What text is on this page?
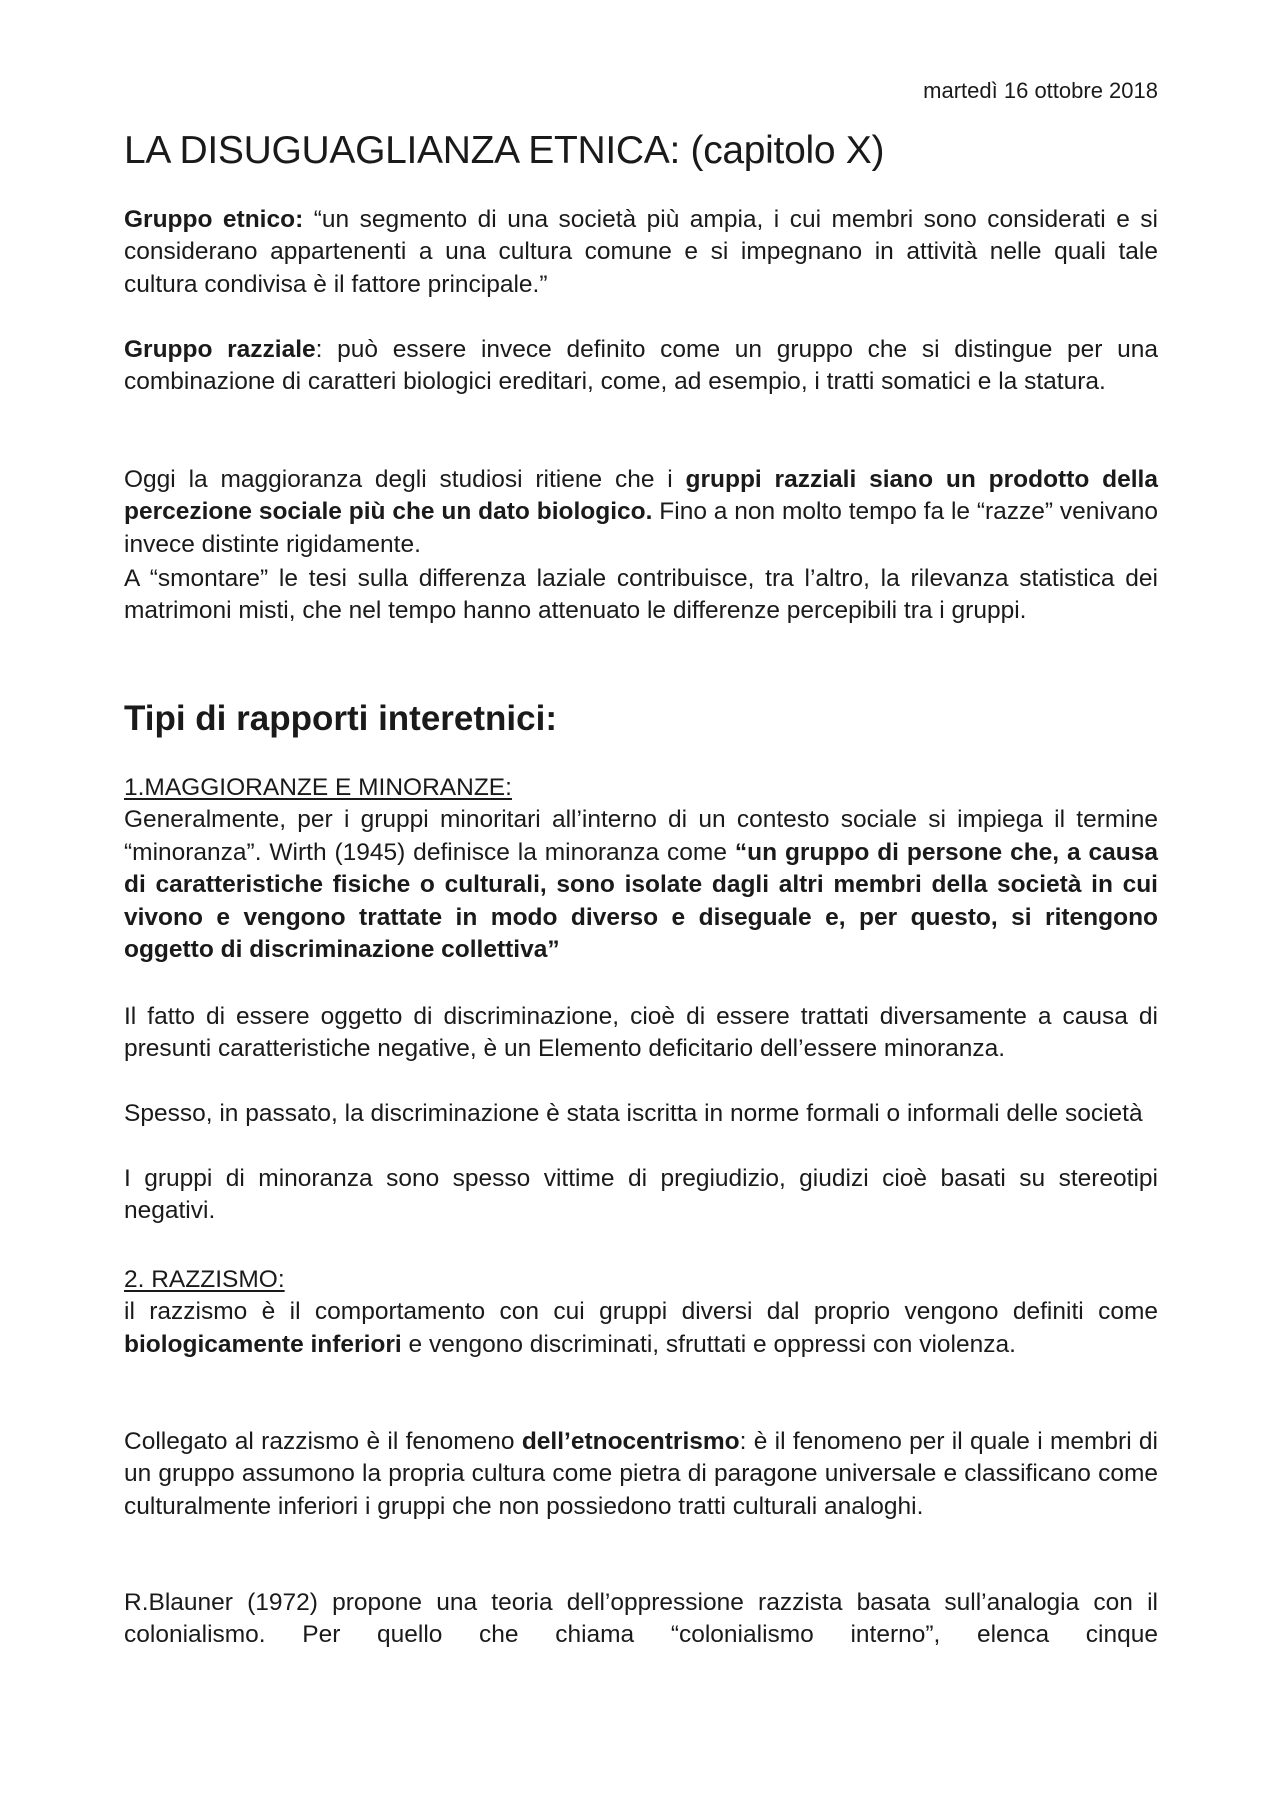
martedì 16 ottobre 2018
LA DISUGUAGLIANZA ETNICA: (capitolo X)

Gruppo etnico: “un segmento di una società più ampia, i cui membri sono considerati e si considerano appartenenti a una cultura comune e si impegnano in attività nelle quali tale cultura condivisa è il fattore principale.”

Gruppo razziale: può essere invece definito come un gruppo che si distingue per una combinazione di caratteri biologici ereditari, come, ad esempio, i tratti somatici e la statura.

Oggi la maggioranza degli studiosi ritiene che i gruppi razziali siano un prodotto della percezione sociale più che un dato biologico. Fino a non molto tempo fa le “razze” venivano invece distinte rigidamente.

A “smontare” le tesi sulla differenza laziale contribuisce, tra l’altro, la rilevanza statistica dei matrimoni misti, che nel tempo hanno attenuato le differenze percepibili tra i gruppi.

Tipi di rapporti interetnici:

1.MAGGIORANZE E MINORANZE:
Generalmente, per i gruppi minoritari all’interno di un contesto sociale si impiega il termine “minoranza”. Wirth (1945) definisce la minoranza come “un gruppo di persone che, a causa di caratteristiche fisiche o culturali, sono isolate dagli altri membri della società in cui vivono e vengono trattate in modo diverso e diseguale e, per questo, si ritengono oggetto di discriminazione collettiva”

Il fatto di essere oggetto di discriminazione, cioè di essere trattati diversamente a causa di presunti caratteristiche negative, è un Elemento deficitario dell’essere minoranza.

Spesso, in passato, la discriminazione è stata iscritta in norme formali o informali delle società

I gruppi di minoranza sono spesso vittime di pregiudizio, giudizi cioè basati su stereotipi negativi.

2. RAZZISMO:
il razzismo è il comportamento con cui gruppi diversi dal proprio vengono definiti come biologicamente inferiori e vengono discriminati, sfruttati e oppressi con violenza.

Collegato al razzismo è il fenomeno dell’etnocentrismo: è il fenomeno per il quale i membri di un gruppo assumono la propria cultura come pietra di paragone universale e classificano come culturalmente inferiori i gruppi che non possiedono tratti culturali analoghi.

R.Blauner (1972) propone una teoria dell’oppressione razzista basata sull’analogia con il colonialismo. Per quello che chiama “colonialismo interno”, elenca cinque
